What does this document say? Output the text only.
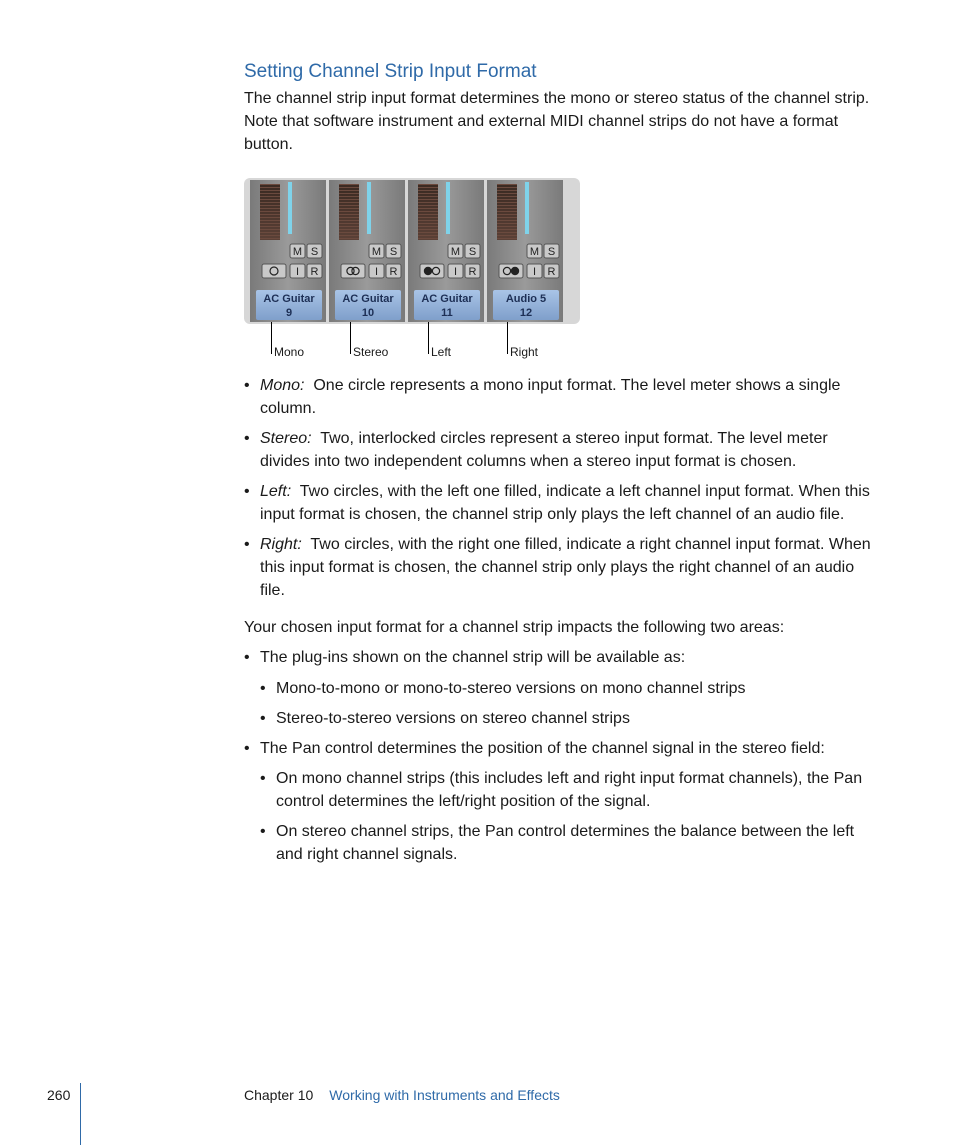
Setting Channel Strip Input Format

The channel strip input format determines the mono or stereo status of the channel strip. Note that software instrument and external MIDI channel strips do not have a format button.

M S
I R
AC Guitar
9
M S
I R
AC Guitar
10
M S
I R
AC Guitar
11
M S
I R
Audio 5
12
Mono	Stereo	Left	Right
• Mono: One circle represents a mono input format. The level meter shows a single column.
• Stereo: Two, interlocked circles represent a stereo input format. The level meter divides into two independent columns when a stereo input format is chosen.
• Left: Two circles, with the left one filled, indicate a left channel input format. When this input format is chosen, the channel strip only plays the left channel of an audio file.
• Right: Two circles, with the right one filled, indicate a right channel input format. When this input format is chosen, the channel strip only plays the right channel of an audio file.

Your chosen input format for a channel strip impacts the following two areas:

• The plug-ins shown on the channel strip will be available as:
• Mono-to-mono or mono-to-stereo versions on mono channel strips
• Stereo-to-stereo versions on stereo channel strips
• The Pan control determines the position of the channel signal in the stereo field:
• On mono channel strips (this includes left and right input format channels), the Pan control determines the left/right position of the signal.
• On stereo channel strips, the Pan control determines the balance between the left and right channel signals.
260	Chapter 10 Working with Instruments and Effects
